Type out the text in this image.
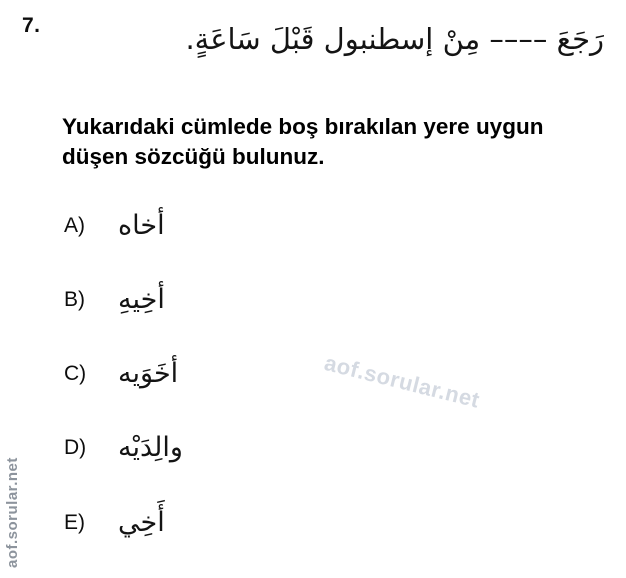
7.	رَجَعَ –––– مِنْ إسطنبول قَبْلَ سَاعَةٍ.
Yukarıdaki cümlede boş bırakılan yere uygun düşen sözcüğü bulunuz.
A)	أخاه
B)	أخِيهِ
C)	أخَوَيه
D)	والِدَيْه
E)	أَخِي
aof.sorular.net
aof.sorular.net
